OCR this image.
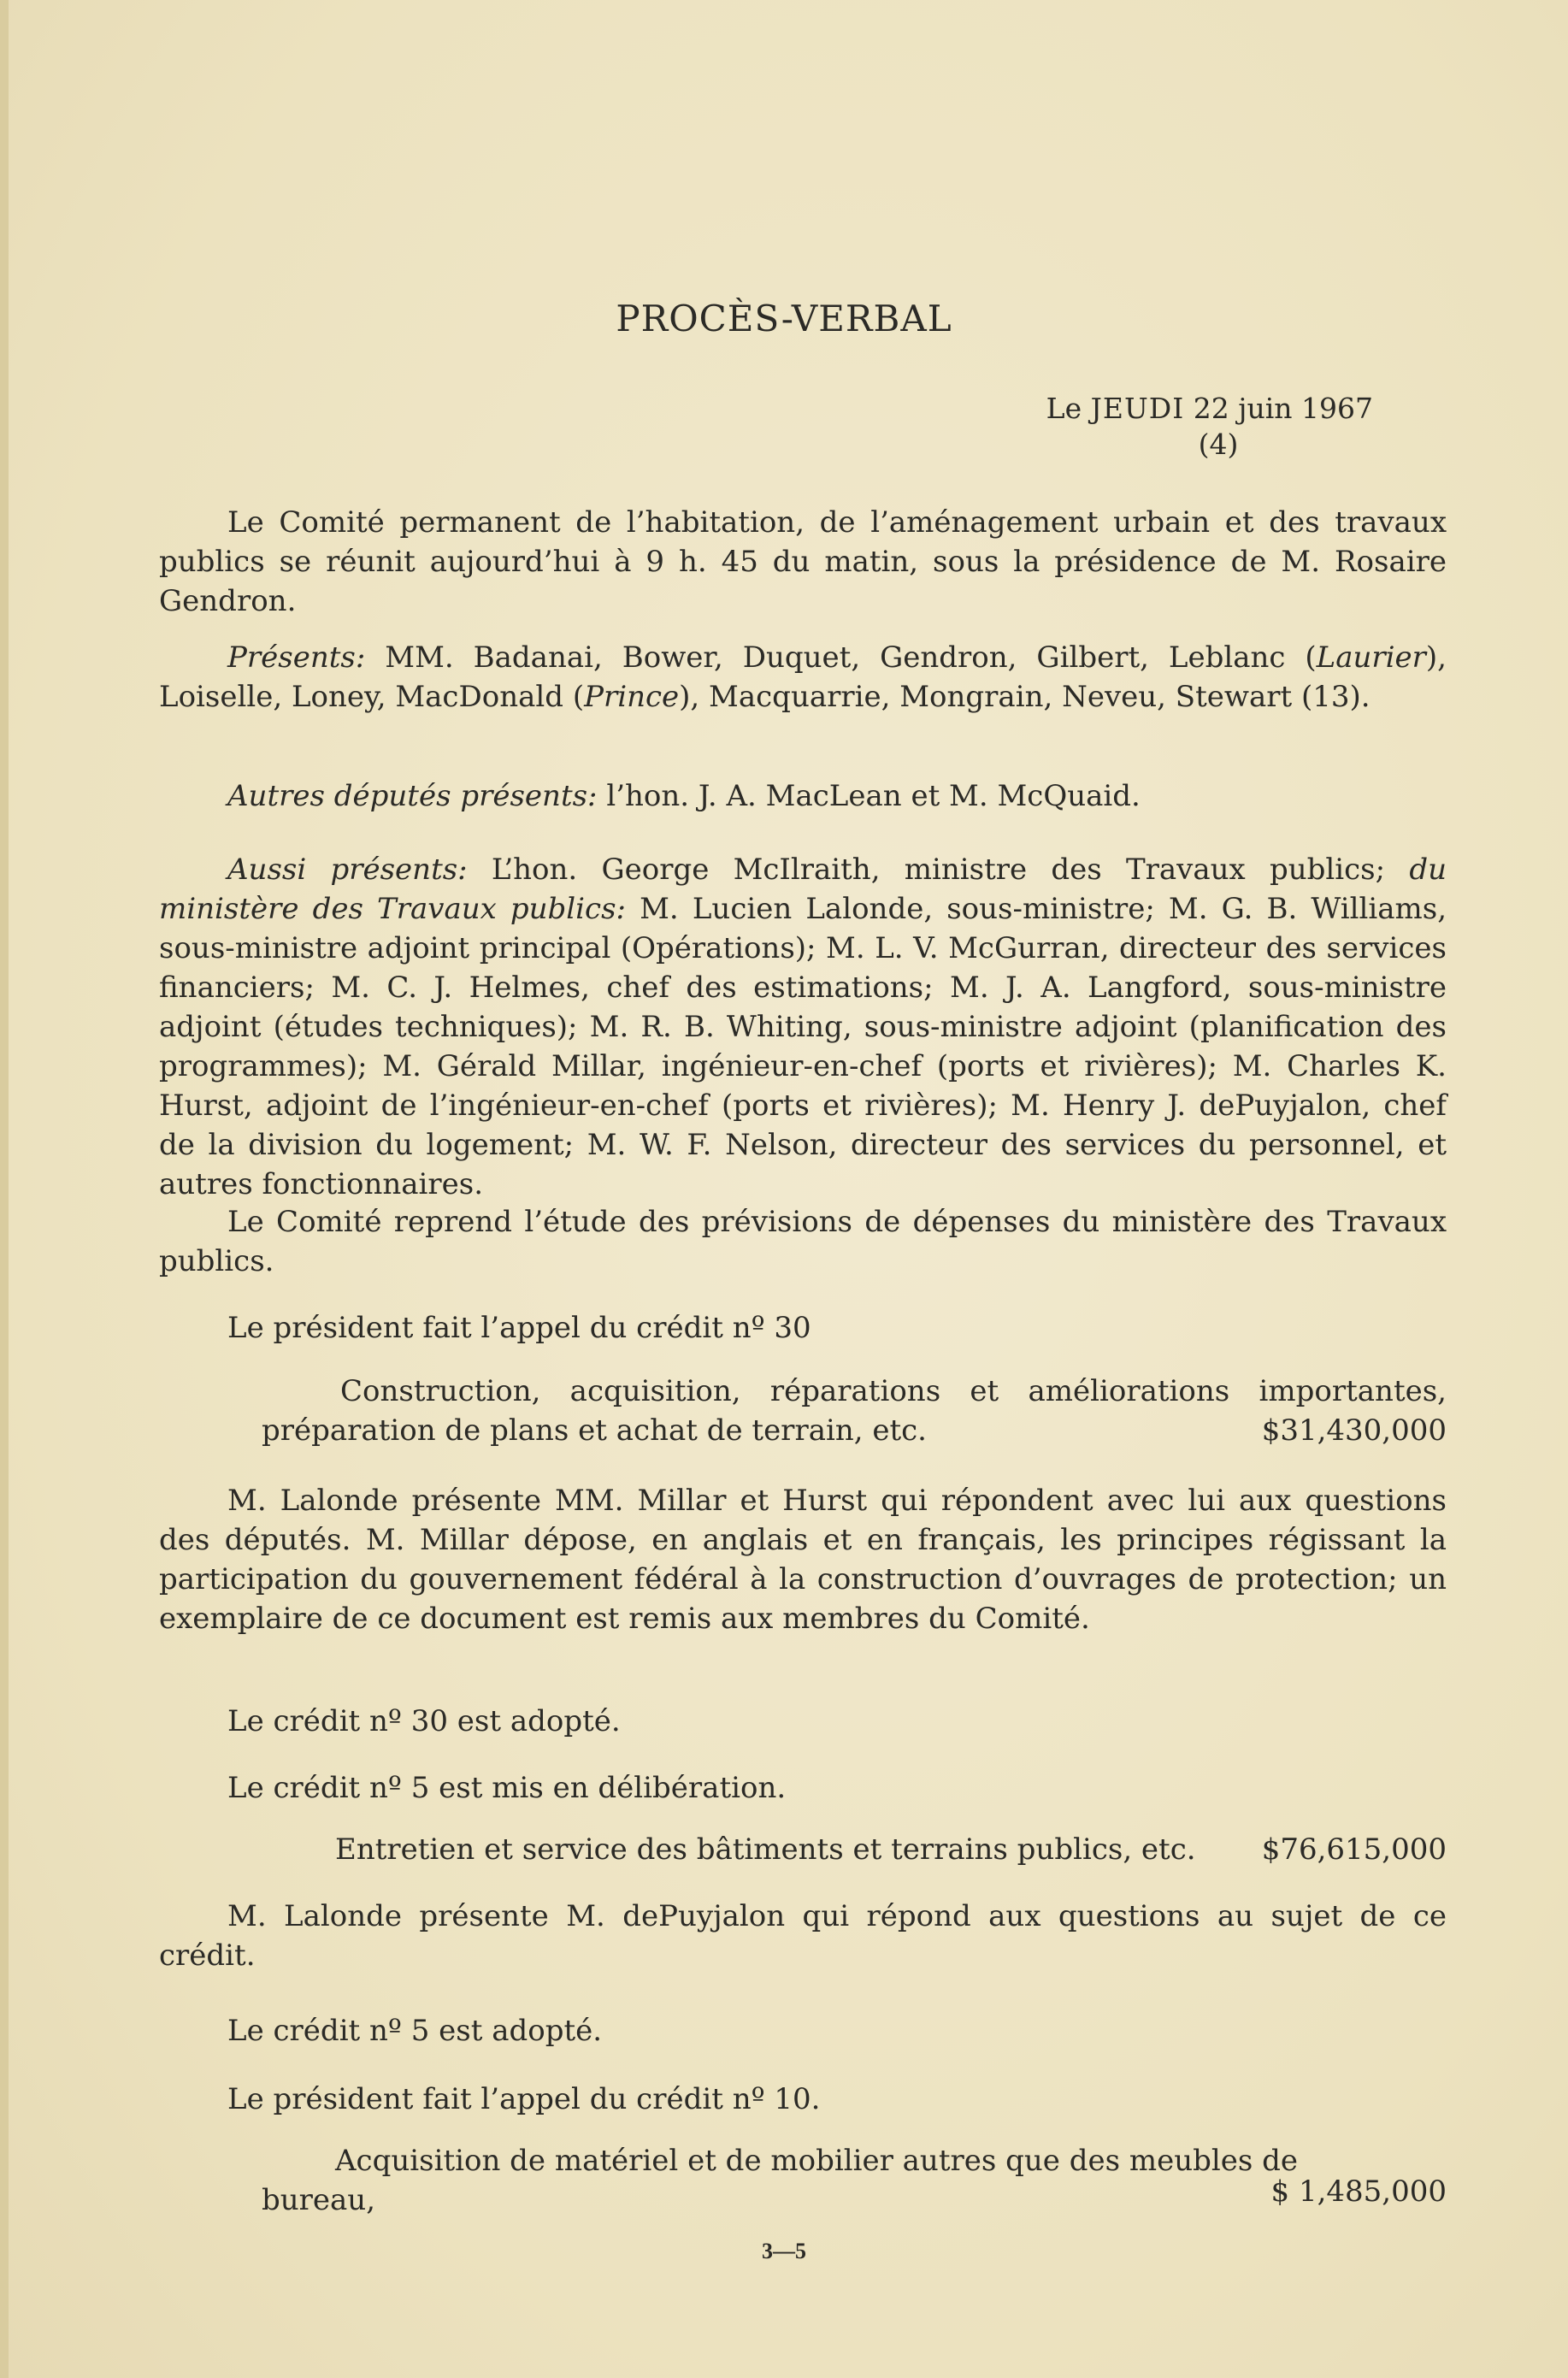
PROCÈS-VERBAL
Le JEUDI 22 juin 1967
(4)

Le Comité permanent de l’habitation, de l’aménagement urbain et des travaux publics se réunit aujourd’hui à 9 h. 45 du matin, sous la présidence de M. Rosaire Gendron.

Présents: MM. Badanai, Bower, Duquet, Gendron, Gilbert, Leblanc (Laurier), Loiselle, Loney, MacDonald (Prince), Macquarrie, Mongrain, Neveu, Stewart (13).

Autres députés présents: l’hon. J. A. MacLean et M. McQuaid.

Aussi présents: L’hon. George McIlraith, ministre des Travaux publics; du ministère des Travaux publics: M. Lucien Lalonde, sous-ministre; M. G. B. Williams, sous-ministre adjoint principal (Opérations); M. L. V. McGurran, directeur des services financiers; M. C. J. Helmes, chef des estimations; M. J. A. Langford, sous-ministre adjoint (études techniques); M. R. B. Whiting, sous-ministre adjoint (planification des programmes); M. Gérald Millar, ingénieur-en-chef (ports et rivières); M. Charles K. Hurst, adjoint de l’ingénieur-en-chef (ports et rivières); M. Henry J. dePuyjalon, chef de la division du logement; M. W. F. Nelson, directeur des services du personnel, et autres fonctionnaires.

Le Comité reprend l’étude des prévisions de dépenses du ministère des Travaux publics.

Le président fait l’appel du crédit nº 30

Construction, acquisition, réparations et améliorations importantes, préparation de plans et achat de terrain, etc.	$31,430,000

M. Lalonde présente MM. Millar et Hurst qui répondent avec lui aux questions des députés. M. Millar dépose, en anglais et en français, les principes régissant la participation du gouvernement fédéral à la construction d’ouvrages de protection; un exemplaire de ce document est remis aux membres du Comité.

Le crédit nº 30 est adopté.

Le crédit nº 5 est mis en délibération.

Entretien et service des bâtiments et terrains publics, etc. $76,615,000

M. Lalonde présente M. dePuyjalon qui répond aux questions au sujet de ce crédit.

Le crédit nº 5 est adopté.

Le président fait l’appel du crédit nº 10.

Acquisition de matériel et de mobilier autres que des meubles de
$ 1,485,000
bureau,
3—5
